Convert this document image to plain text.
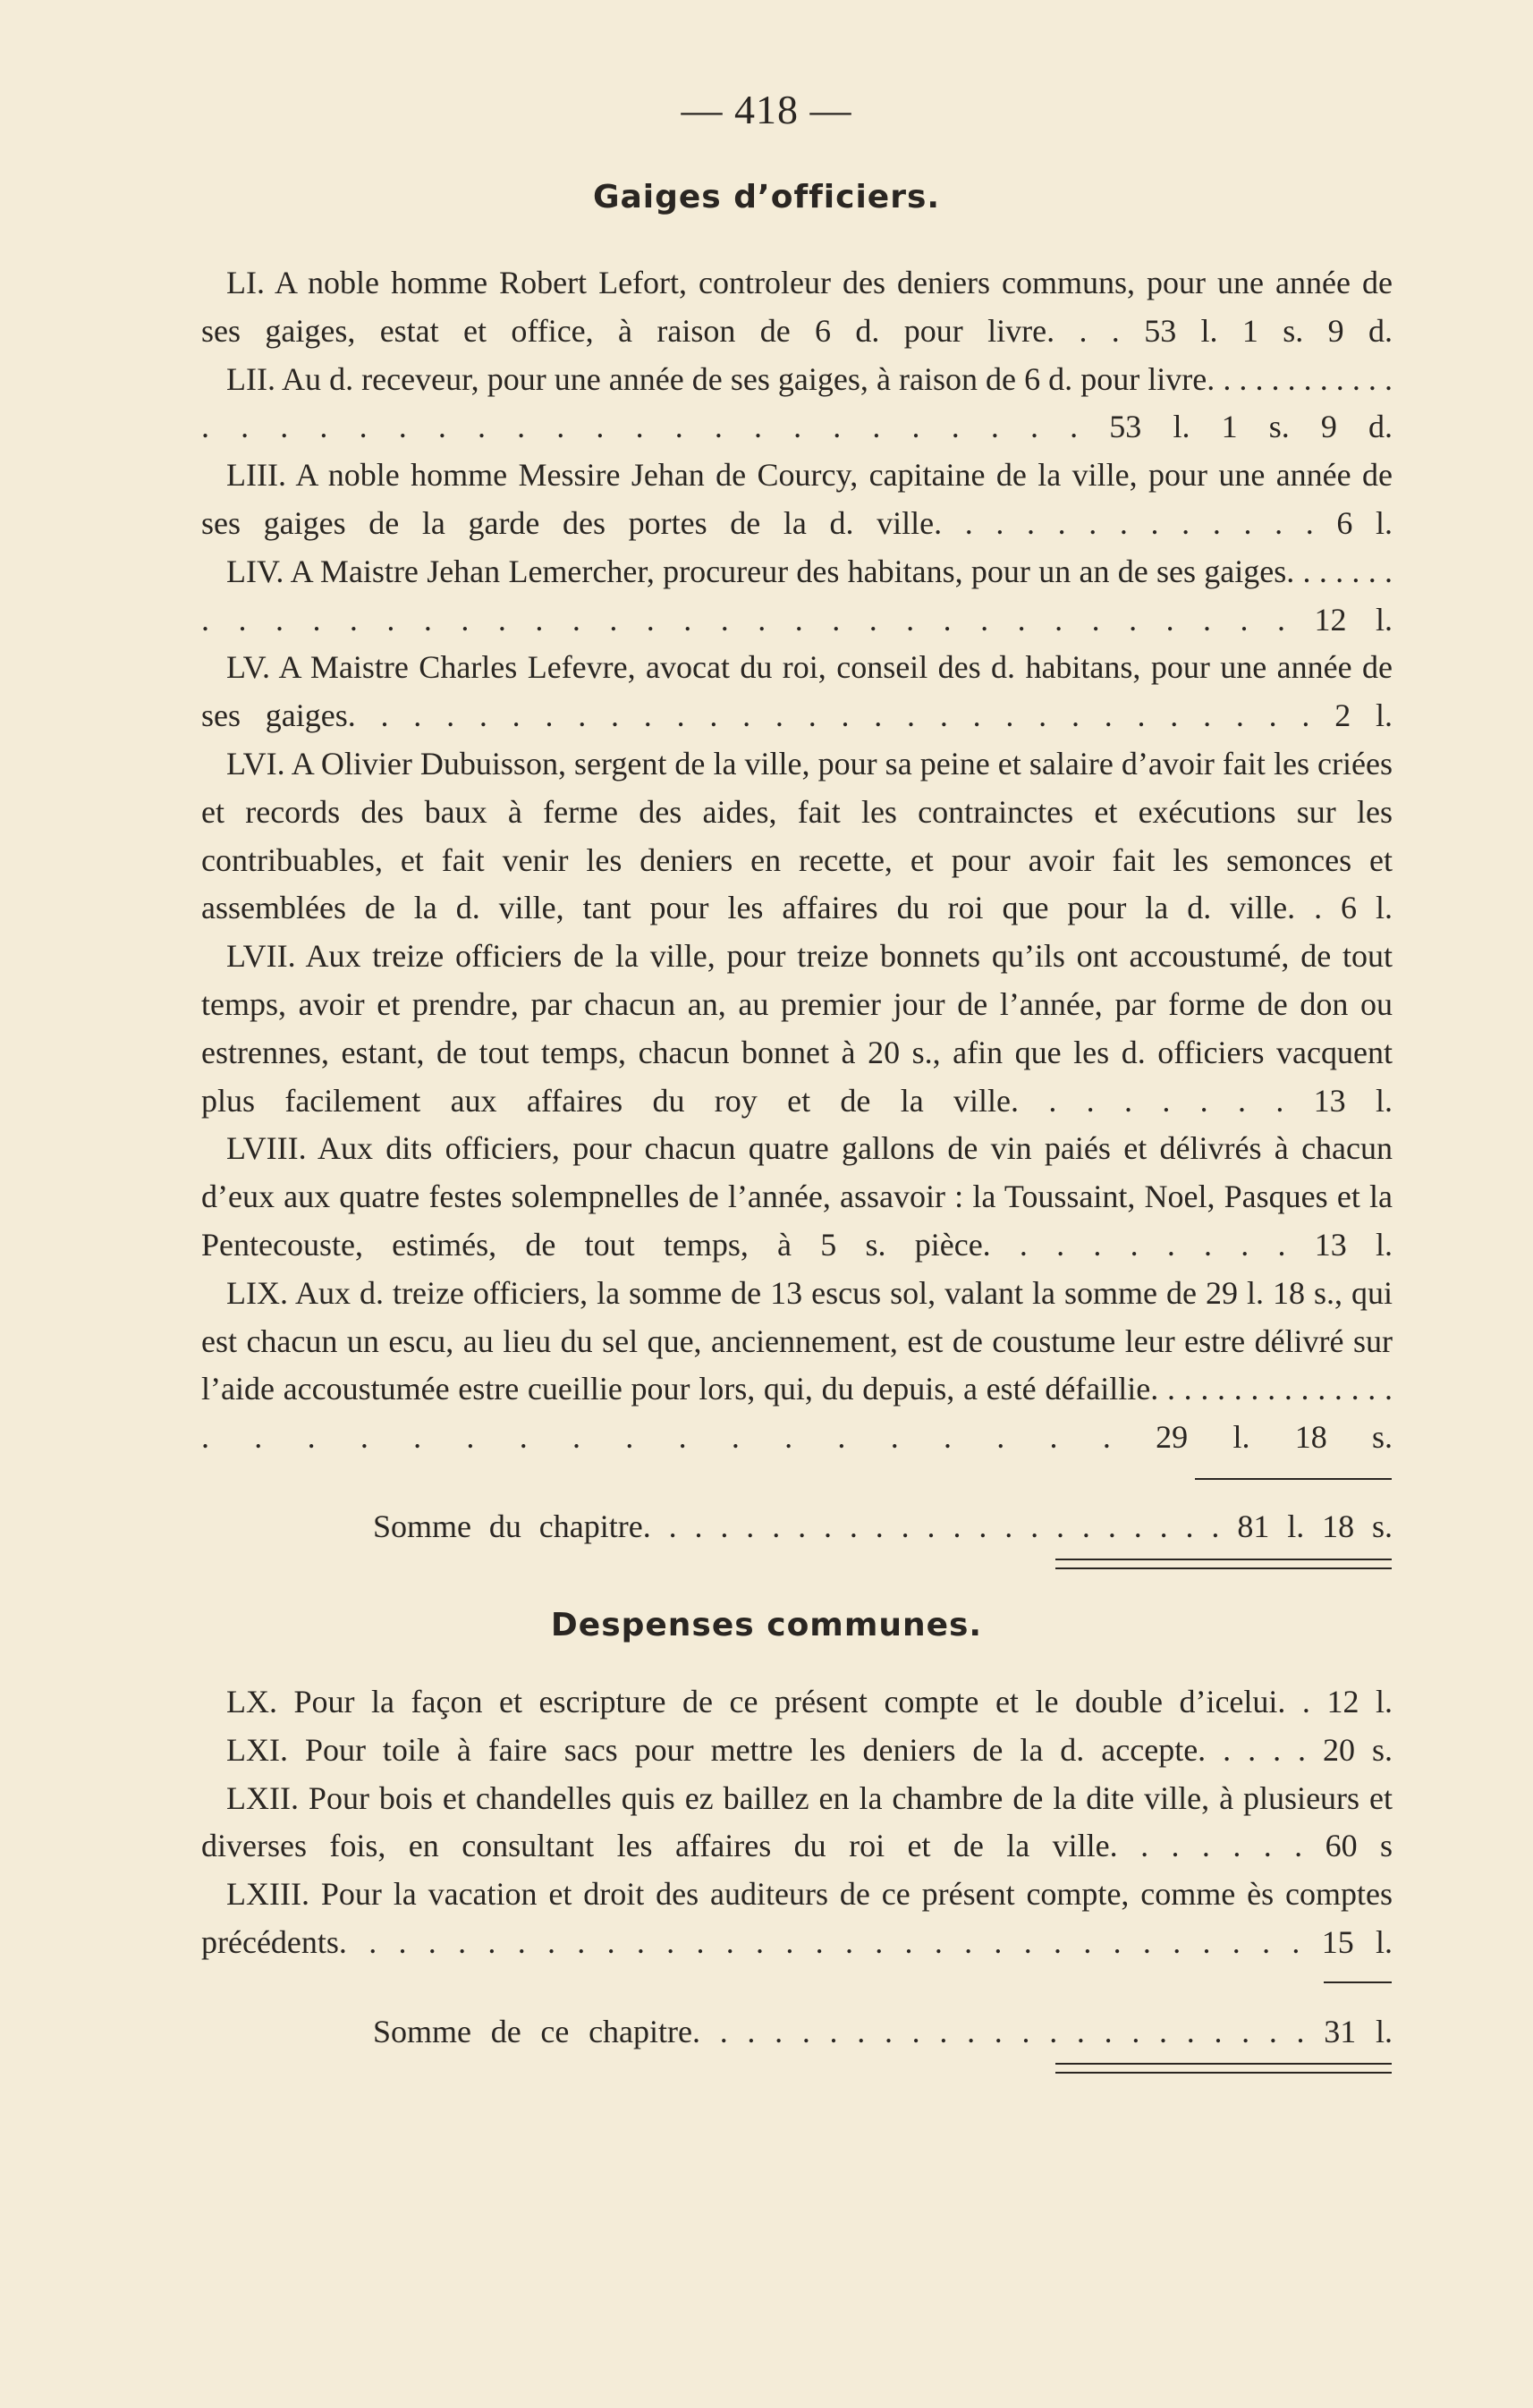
— 418 —
Gaiges d’officiers.

LI. A noble homme Robert Lefort, controleur des deniers communs, pour une année de ses gaiges, estat et office, à raison de 6 d. pour livre. . . 53 l. 1 s. 9 d.

LII. Au d. receveur, pour une année de ses gaiges, à raison de 6 d. pour livre. . . . . . . . . . . . . . . . . . . . . . . . . . . . . . . . . . . 53 l. 1 s. 9 d.

LIII. A noble homme Messire Jehan de Courcy, capitaine de la ville, pour une année de ses gaiges de la garde des portes de la d. ville. . . . . . . . . . . . . 6 l.

LIV. A Maistre Jehan Lemercher, procureur des habitans, pour un an de ses gaiges. . . . . . . . . . . . . . . . . . . . . . . . . . . . . . . . . . . . . 12 l.

LV. A Maistre Charles Lefevre, avocat du roi, conseil des d. habitans, pour une année de ses gaiges. . . . . . . . . . . . . . . . . . . . . . . . . . . . . . 2 l.

LVI. A Olivier Dubuisson, sergent de la ville, pour sa peine et salaire d’avoir fait les criées et records des baux à ferme des aides, fait les contrainctes et exécutions sur les contribuables, et fait venir les deniers en recette, et pour avoir fait les semonces et assemblées de la d. ville, tant pour les affaires du roi que pour la d. ville. . 6 l.

LVII. Aux treize officiers de la ville, pour treize bonnets qu’ils ont accoustumé, de tout temps, avoir et prendre, par chacun an, au premier jour de l’année, par forme de don ou estrennes, estant, de tout temps, chacun bonnet à 20 s., afin que les d. officiers vacquent plus facilement aux affaires du roy et de la ville. . . . . . . . 13 l.

LVIII. Aux dits officiers, pour chacun quatre gallons de vin paiés et délivrés à chacun d’eux aux quatre festes solempnelles de l’année, assavoir : la Toussaint, Noel, Pasques et la Pentecouste, estimés, de tout temps, à 5 s. pièce. . . . . . . . . 13 l.

LIX. Aux d. treize officiers, la somme de 13 escus sol, valant la somme de 29 l. 18 s., qui est chacun un escu, au lieu du sel que, anciennement, est de coustume leur estre délivré sur l’aide accoustumée estre cueillie pour lors, qui, du depuis, a esté défaillie. . . . . . . . . . . . . . . . . . . . . . . . . . . . . . . . . 29 l. 18 s.

Somme du chapitre. . . . . . . . . . . . . . . . . . . . . . . 81 l. 18 s.
Despenses communes.

LX. Pour la façon et escripture de ce présent compte et le double d’icelui. . 12 l.

LXI. Pour toile à faire sacs pour mettre les deniers de la d. accepte. . . . . 20 s.

LXII. Pour bois et chandelles quis ez baillez en la chambre de la dite ville, à plusieurs et diverses fois, en consultant les affaires du roi et de la ville. . . . . . . 60 s

LXIII. Pour la vacation et droit des auditeurs de ce présent compte, comme ès comptes précédents. . . . . . . . . . . . . . . . . . . . . . . . . . . . . . . . . 15 l.

Somme de ce chapitre. . . . . . . . . . . . . . . . . . . . . . . 31 l.
